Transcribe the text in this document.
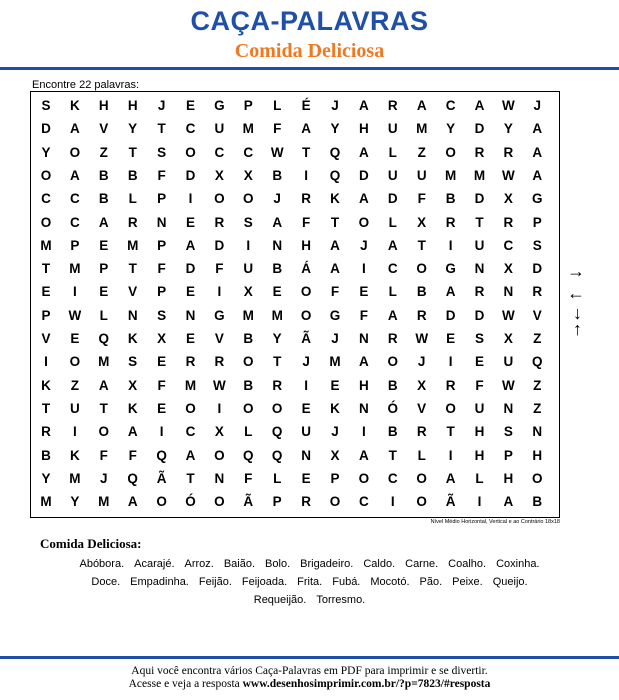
CAÇA-PALAVRAS
Comida Deliciosa
Encontre 22 palavras:
S	K	H	H	J	E	G	P	L	É	J	A	R	A	C	A	W	J
D	A	V	Y	T	C	U	M	F	A	Y	H	U	M	Y	D	Y	A
Y	O	Z	T	S	O	C	C	W	T	Q	A	L	Z	O	R	R	A
O	A	B	B	F	D	X	X	B	I	Q	D	U	U	M	M	W	A
C	C	B	L	P	I	O	O	J	R	K	A	D	F	B	D	X	G
O	C	A	R	N	E	R	S	A	F	T	O	L	X	R	T	R	P
M	P	E	M	P	A	D	I	N	H	A	J	A	T	I	U	C	S
T	M	P	T	F	D	F	U	B	Á	A	I	C	O	G	N	X	D
E	I	E	V	P	E	I	X	E	O	F	E	L	B	A	R	N	R
P	W	L	N	S	N	G	M	M	O	G	F	A	R	D	D	W	V
V	E	Q	K	X	E	V	B	Y	Ã	J	N	R	W	E	S	X	Z
I	O	M	S	E	R	R	O	T	J	M	A	O	J	I	E	U	Q
K	Z	A	X	F	M	W	B	R	I	E	H	B	X	R	F	W	Z
T	U	T	K	E	O	I	O	O	E	K	N	Ó	V	O	U	N	Z
R	I	O	A	I	C	X	L	Q	U	J	I	B	R	T	H	S	N
B	K	F	F	Q	A	O	Q	Q	N	X	A	T	L	I	H	P	H
Y	M	J	Q	Ã	T	N	F	L	E	P	O	C	O	A	L	H	O
M	Y	M	A	O	Ó	O	Ã	P	R	O	C	I	O	Ã	I	A	B
Nível Médio Horizontal, Vertical e ao Contrário 18x18
→
←
↓
↑
Comida Deliciosa:
Abóbora. Acarajé. Arroz. Baião. Bolo. Brigadeiro. Caldo. Carne. Coalho. Coxinha.
Doce. Empadinha. Feijão. Feijoada. Frita. Fubá. Mocotó. Pão. Peixe. Queijo.
Requeijão. Torresmo.
Aqui você encontra vários Caça-Palavras em PDF para imprimir e se divertir.
Acesse e veja a resposta www.desenhosimprimir.com.br/?p=7823/#resposta
